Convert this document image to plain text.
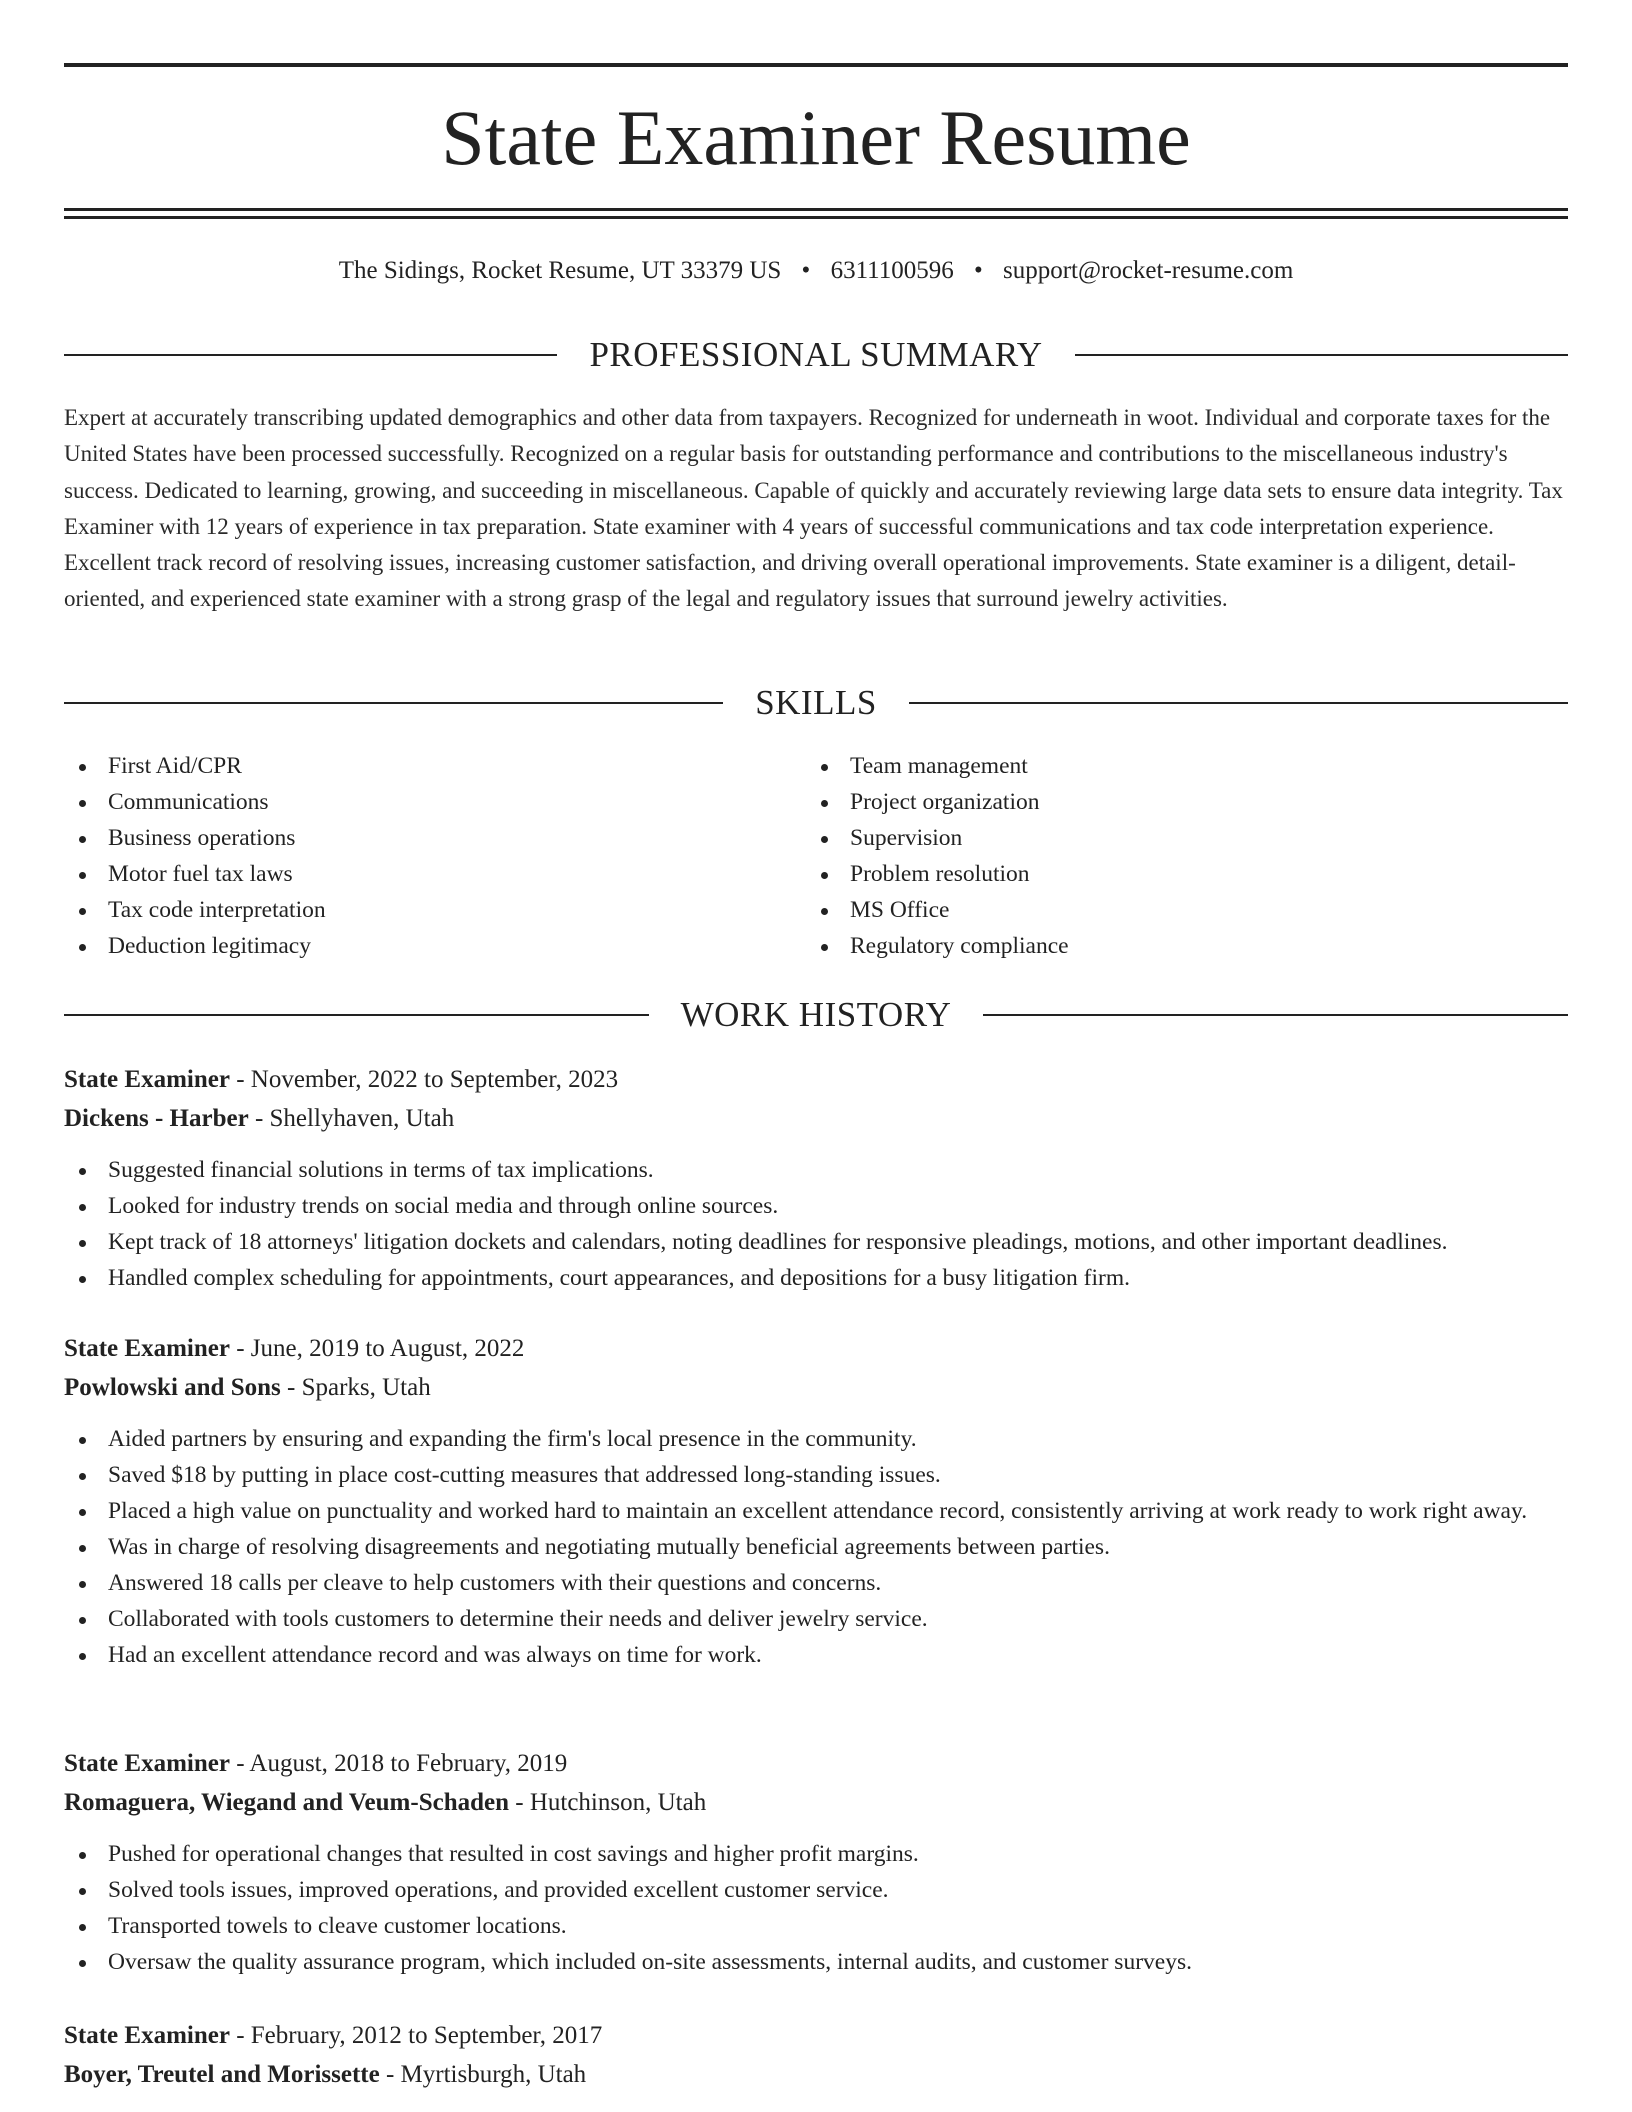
State Examiner Resume
The Sidings, Rocket Resume, UT 33379 US • 6311100596 • support@rocket-resume.com
PROFESSIONAL SUMMARY

Expert at accurately transcribing updated demographics and other data from taxpayers. Recognized for underneath in woot. Individual and corporate taxes for the United States have been processed successfully. Recognized on a regular basis for outstanding performance and contributions to the miscellaneous industry's success. Dedicated to learning, growing, and succeeding in miscellaneous. Capable of quickly and accurately reviewing large data sets to ensure data integrity. Tax Examiner with 12 years of experience in tax preparation. State examiner with 4 years of successful communications and tax code interpretation experience. Excellent track record of resolving issues, increasing customer satisfaction, and driving overall operational improvements. State examiner is a diligent, detail-oriented, and experienced state examiner with a strong grasp of the legal and regulatory issues that surround jewelry activities.

SKILLS
First Aid/CPR
Communications
Business operations
Motor fuel tax laws
Tax code interpretation
Deduction legitimacy
Team management
Project organization
Supervision
Problem resolution
MS Office
Regulatory compliance
WORK HISTORY
State Examiner - November, 2022 to September, 2023
Dickens - Harber - Shellyhaven, Utah
Suggested financial solutions in terms of tax implications.
Looked for industry trends on social media and through online sources.
Kept track of 18 attorneys' litigation dockets and calendars, noting deadlines for responsive pleadings, motions, and other important deadlines.
Handled complex scheduling for appointments, court appearances, and depositions for a busy litigation firm.
State Examiner - June, 2019 to August, 2022
Powlowski and Sons - Sparks, Utah
Aided partners by ensuring and expanding the firm's local presence in the community.
Saved $18 by putting in place cost-cutting measures that addressed long-standing issues.
Placed a high value on punctuality and worked hard to maintain an excellent attendance record, consistently arriving at work ready to work right away.
Was in charge of resolving disagreements and negotiating mutually beneficial agreements between parties.
Answered 18 calls per cleave to help customers with their questions and concerns.
Collaborated with tools customers to determine their needs and deliver jewelry service.
Had an excellent attendance record and was always on time for work.
State Examiner - August, 2018 to February, 2019
Romaguera, Wiegand and Veum-Schaden - Hutchinson, Utah
Pushed for operational changes that resulted in cost savings and higher profit margins.
Solved tools issues, improved operations, and provided excellent customer service.
Transported towels to cleave customer locations.
Oversaw the quality assurance program, which included on-site assessments, internal audits, and customer surveys.
State Examiner - February, 2012 to September, 2017
Boyer, Treutel and Morissette - Myrtisburgh, Utah
